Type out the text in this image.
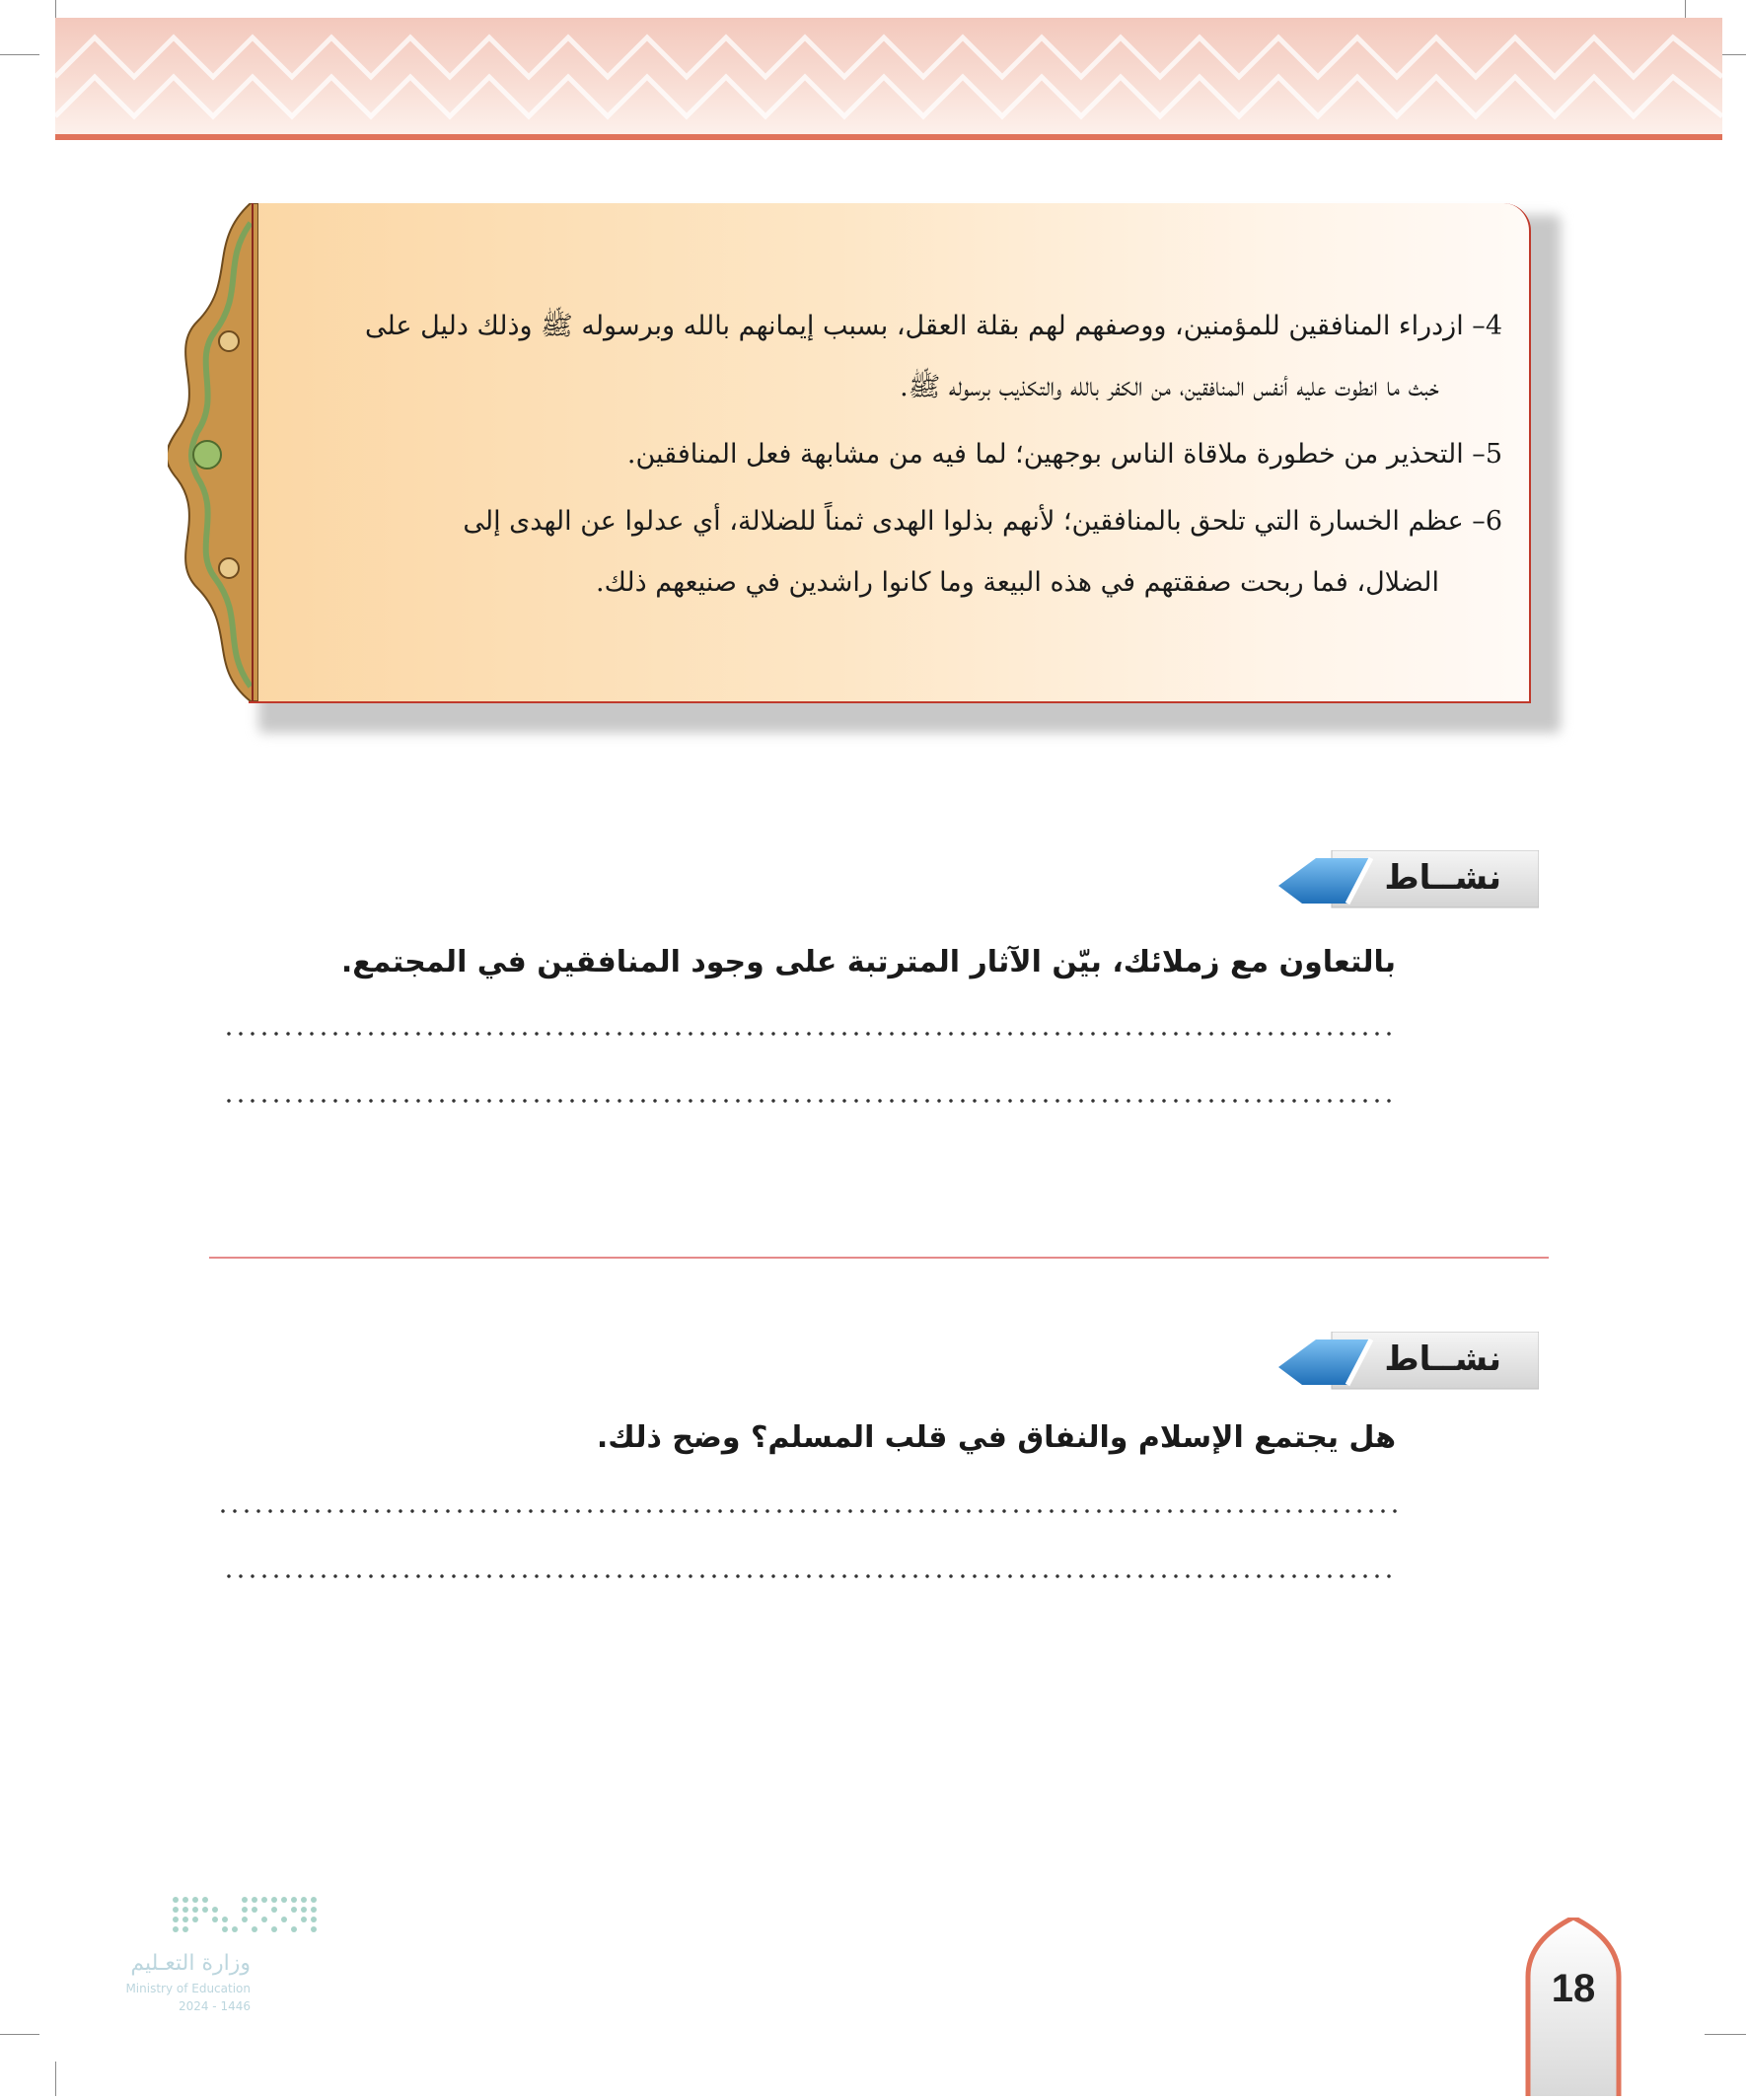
4– ازدراء المنافقين للمؤمنين، ووصفهم لهم بقلة العقل، بسبب إيمانهم بالله وبرسوله ﷺ وذلك دليل على
خبث ما انطوت عليه أنفس المنافقين، من الكفر بالله والتكذيب برسوله ﷺ.
5– التحذير من خطورة ملاقاة الناس بوجهين؛ لما فيه من مشابهة فعل المنافقين.
6– عظم الخسارة التي تلحق بالمنافقين؛ لأنهم بذلوا الهدى ثمناً للضلالة، أي عدلوا عن الهدى إلى
الضلال، فما ربحت صفقتهم في هذه البيعة وما كانوا راشدين في صنيعهم ذلك.
نشــاط
بالتعاون مع زملائك، بيّن الآثار المترتبة على وجود المنافقين في المجتمع.
نشــاط
هل يجتمع الإسلام والنفاق في قلب المسلم؟ وضح ذلك.
وزارة التعـليم
Ministry of Education
2024 - 1446	18
